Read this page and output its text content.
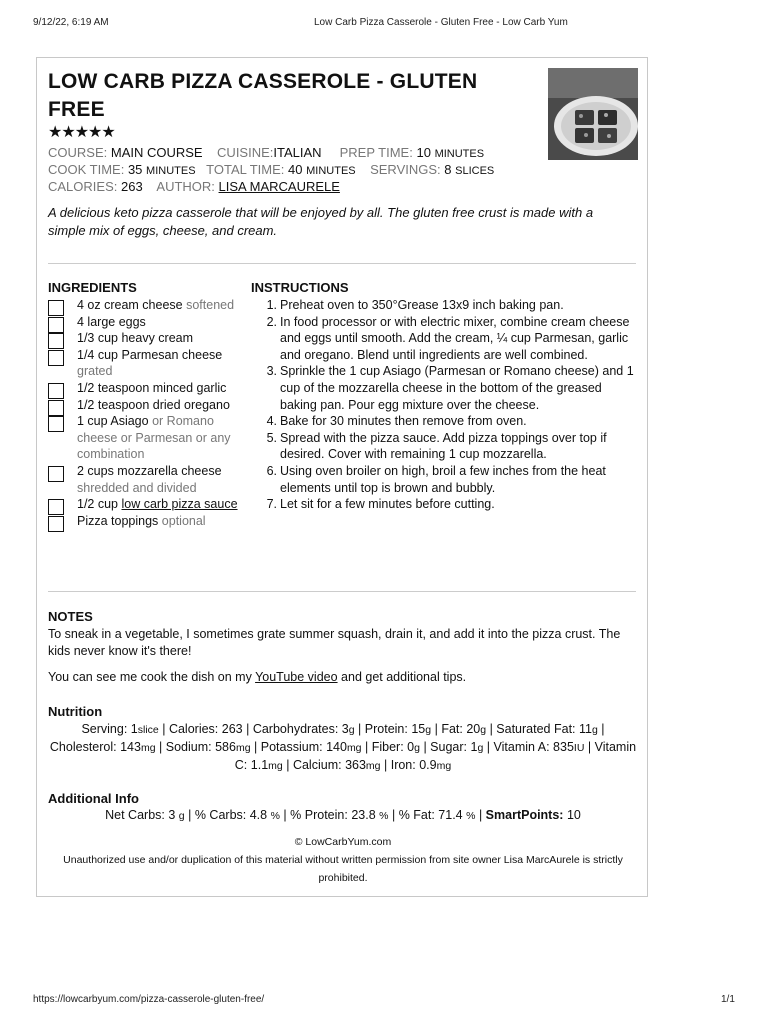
9/12/22, 6:19 AM	Low Carb Pizza Casserole - Gluten Free - Low Carb Yum
LOW CARB PIZZA CASSEROLE - GLUTEN FREE
★★★★★
COURSE: MAIN COURSE CUISINE:ITALIAN PREP TIME: 10 MINUTES
COOK TIME: 35 MINUTES TOTAL TIME: 40 MINUTES SERVINGS: 8 SLICES
CALORIES: 263 AUTHOR: LISA MARCAURELE
A delicious keto pizza casserole that will be enjoyed by all. The gluten free crust is made with a simple mix of eggs, cheese, and cream.
INGREDIENTS
4 oz cream cheese softened
4 large eggs
1/3 cup heavy cream
1/4 cup Parmesan cheese grated
1/2 teaspoon minced garlic
1/2 teaspoon dried oregano
1 cup Asiago or Romano cheese or Parmesan or any combination
2 cups mozzarella cheese shredded and divided
1/2 cup low carb pizza sauce
Pizza toppings optional
INSTRUCTIONS
1. Preheat oven to 350°Grease 13x9 inch baking pan.
2. In food processor or with electric mixer, combine cream cheese and eggs until smooth. Add the cream, ¼ cup Parmesan, garlic and oregano. Blend until ingredients are well combined.
3. Sprinkle the 1 cup Asiago (Parmesan or Romano cheese) and 1 cup of the mozzarella cheese in the bottom of the greased baking pan. Pour egg mixture over the cheese.
4. Bake for 30 minutes then remove from oven.
5. Spread with the pizza sauce. Add pizza toppings over top if desired. Cover with remaining 1 cup mozzarella.
6. Using oven broiler on high, broil a few inches from the heat elements until top is brown and bubbly.
7. Let sit for a few minutes before cutting.
NOTES
To sneak in a vegetable, I sometimes grate summer squash, drain it, and add it into the pizza crust. The kids never know it's there!
You can see me cook the dish on my YouTube video and get additional tips.
Nutrition
Serving: 1slice | Calories: 263 | Carbohydrates: 3g | Protein: 15g | Fat: 20g | Saturated Fat: 11g | Cholesterol: 143mg | Sodium: 586mg | Potassium: 140mg | Fiber: 0g | Sugar: 1g | Vitamin A: 835IU | Vitamin C: 1.1mg | Calcium: 363mg | Iron: 0.9mg
Additional Info
Net Carbs: 3 g | % Carbs: 4.8 % | % Protein: 23.8 % | % Fat: 71.4 % | SmartPoints: 10
© LowCarbYum.com
Unauthorized use and/or duplication of this material without written permission from site owner Lisa MarcAurele is strictly prohibited.
https://lowcarbyum.com/pizza-casserole-gluten-free/	1/1
